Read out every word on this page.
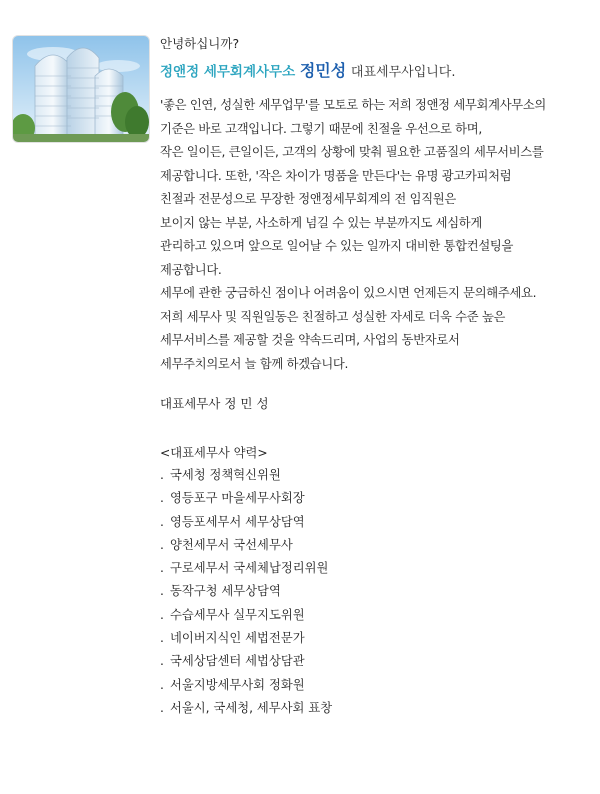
안녕하십니까?

정앤정 세무회계사무소 정민성 대표세무사입니다.

'좋은 인연, 성실한 세무업무'를 모토로 하는 저희 정앤정 세무회계사무소의
기준은 바로 고객입니다. 그렇기 때문에 친절을 우선으로 하며,
작은 일이든, 큰일이든, 고객의 상황에 맞춰 필요한 고품질의 세무서비스를
제공합니다. 또한, '작은 차이가 명품을 만든다'는 유명 광고카피처럼
친절과 전문성으로 무장한 정앤정세무회계의 전 임직원은
보이지 않는 부분, 사소하게 넘길 수 있는 부분까지도 세심하게
관리하고 있으며 앞으로 일어날 수 있는 일까지 대비한 통합컨설팅을
제공합니다.
세무에 관한 궁금하신 점이나 어려움이 있으시면 언제든지 문의해주세요.
저희 세무사 및 직원일동은 친절하고 성실한 자세로 더욱 수준 높은
세무서비스를 제공할 것을 약속드리며, 사업의 동반자로서
세무주치의로서 늘 함께 하겠습니다.
대표세무사 정 민 성
<대표세무사 약력>
. 국세청 정책혁신위원
. 영등포구 마을세무사회장
. 영등포세무서 세무상담역
. 양천세무서 국선세무사
. 구로세무서 국세체납정리위원
. 동작구청 세무상담역
. 수습세무사 실무지도위원
. 네이버지식인 세법전문가
. 국세상담센터 세법상담관
. 서울지방세무사회 정화원
. 서울시, 국세청, 세무사회 표창
